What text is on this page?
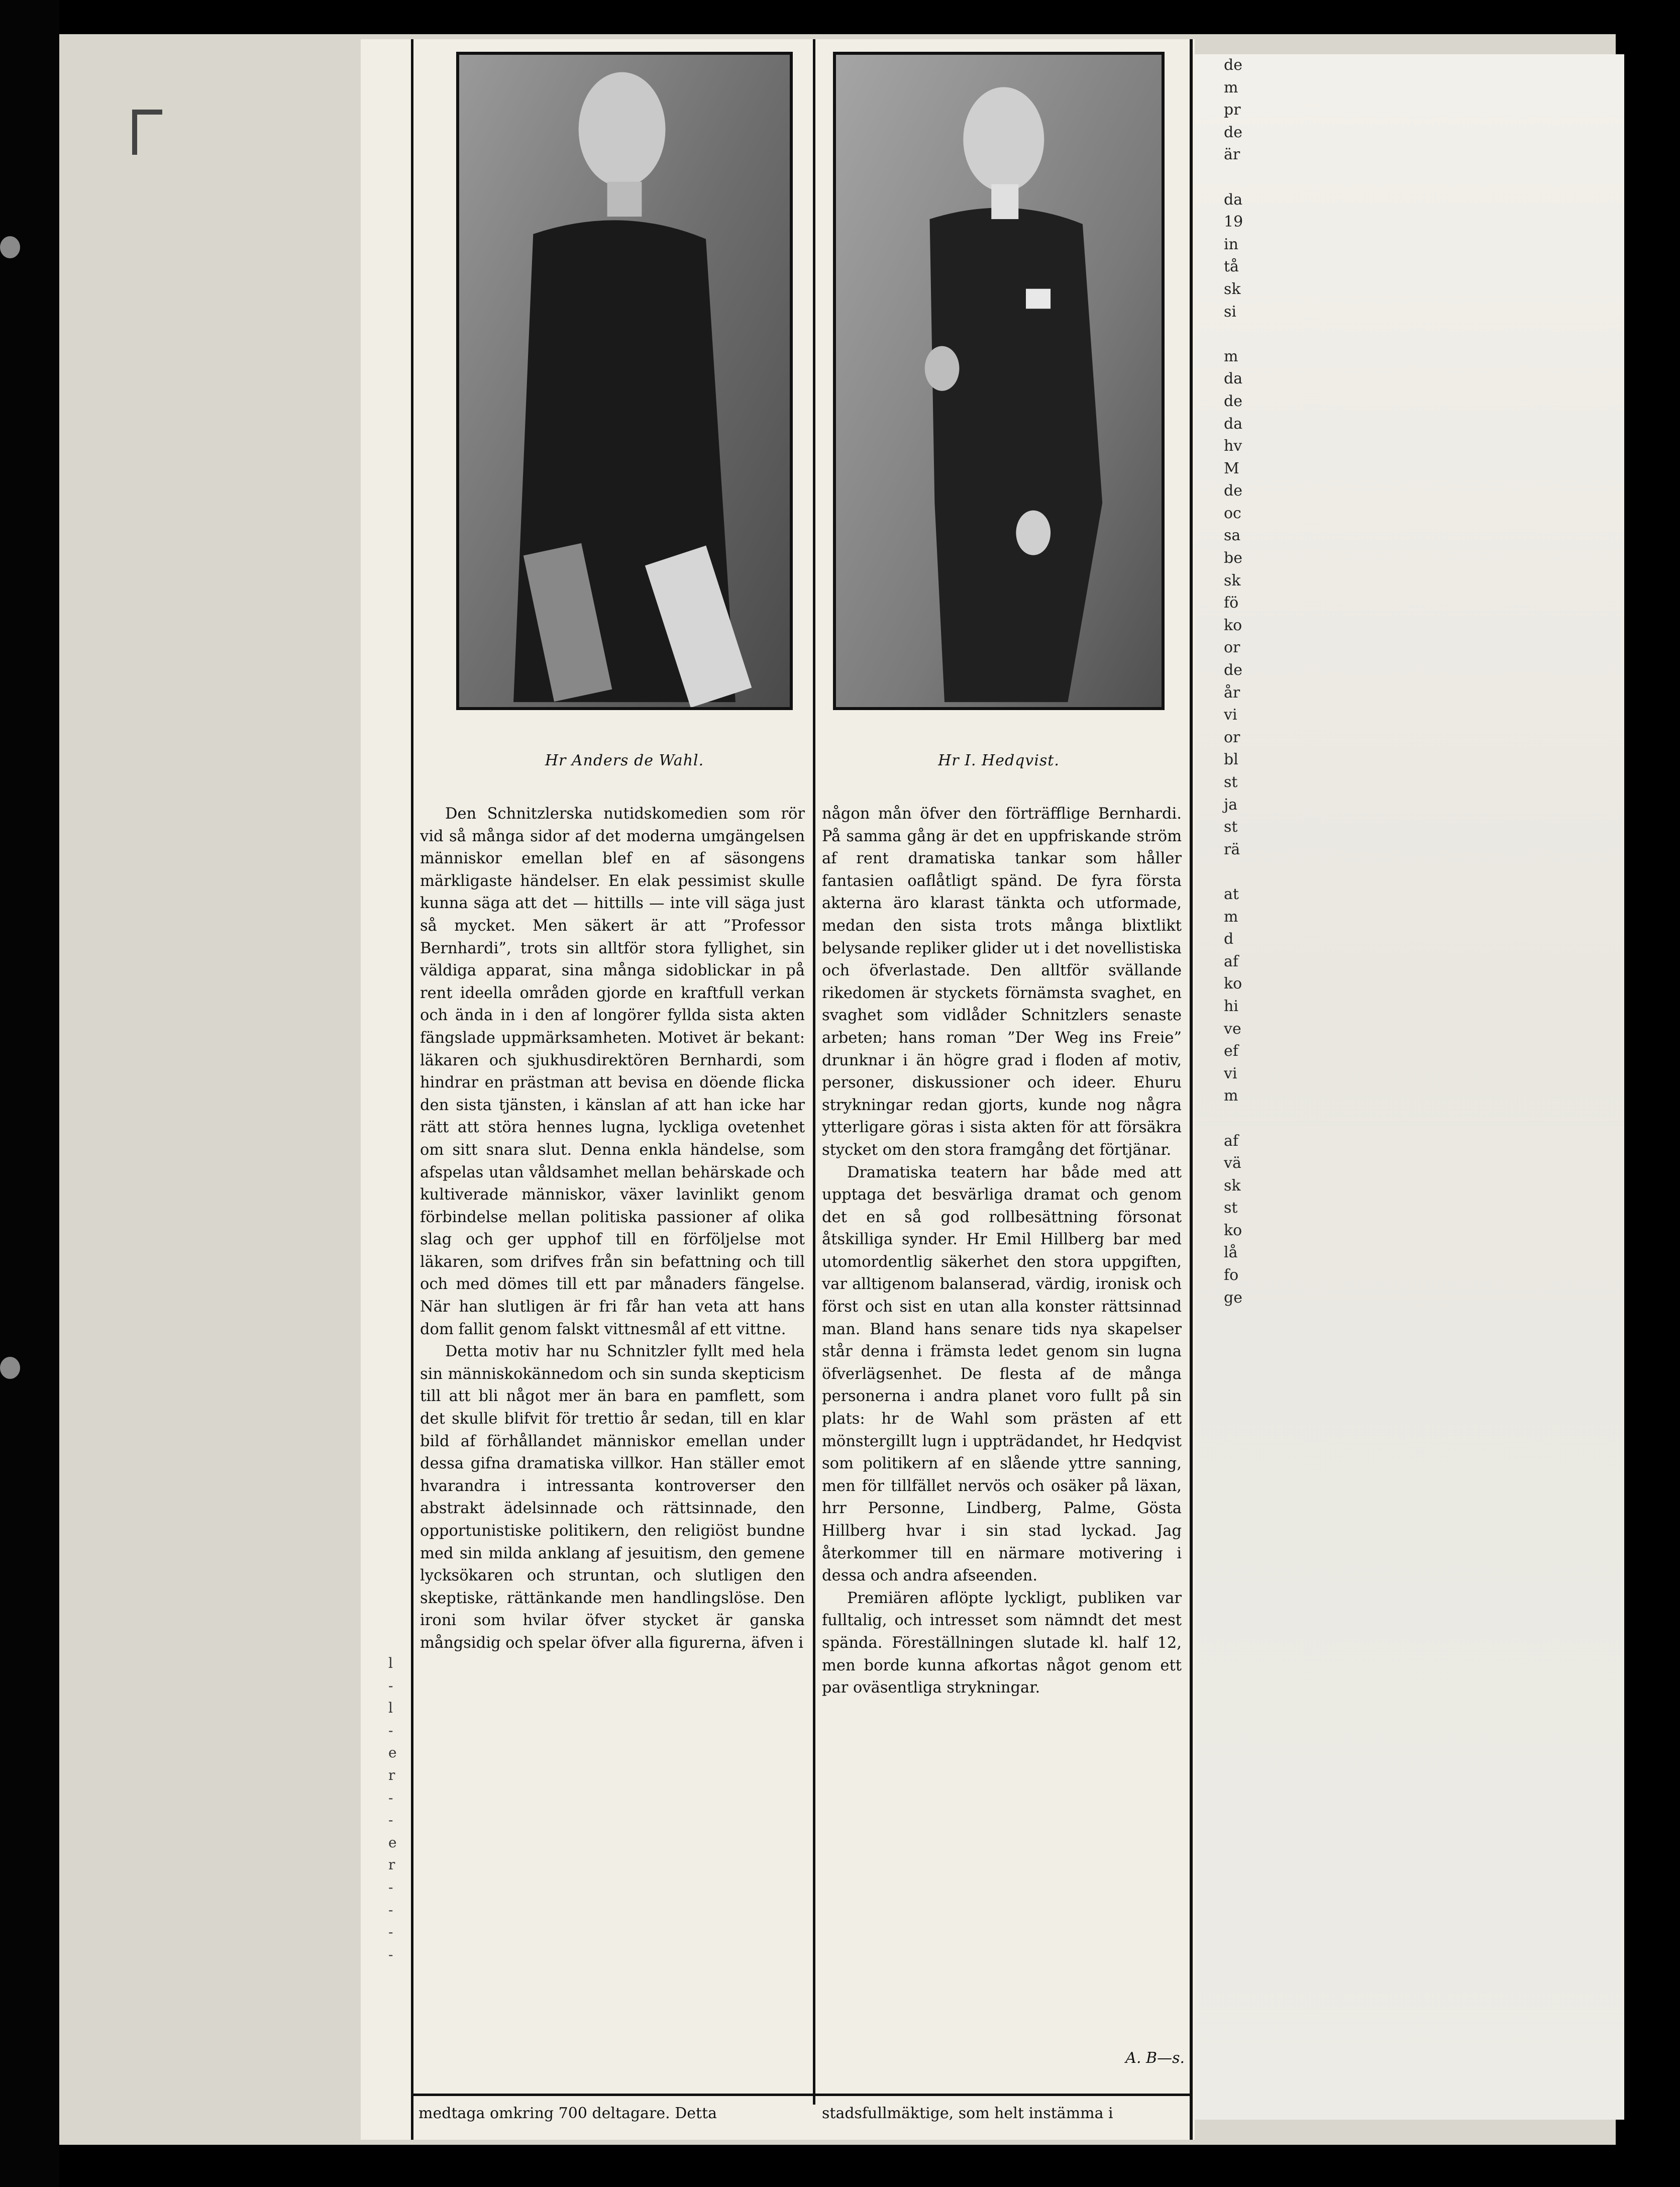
de
m
pr
de
är
da
19
in
tå
sk
si
m
da
de
da
hv
M
de
oc
sa
be
sk
fö
ko
or
de
år
vi
or
bl
st
ja
st
rä
at
m
d
af
ko
hi
ve
ef
vi
m
af
vä
sk
st
ko
lå
fo
ge
Hr Anders de Wahl.	Hr I. Hedqvist.

Den Schnitzlerska nutidskomedien som rör vid så många sidor af det moderna umgängelsen människor emellan blef en af säsongens märkligaste händelser. En elak pessimist skulle kunna säga att det — hittills — inte vill säga just så mycket. Men säkert är att ”Professor Bernhardi”, trots sin alltför stora fyllighet, sin väldiga apparat, sina många sidoblickar in på rent ideella områden gjorde en kraftfull verkan och ända in i den af longörer fyllda sista akten fängslade uppmärksamheten. Motivet är bekant: läkaren och sjukhusdirektören Bernhardi, som hindrar en prästman att bevisa en döende flicka den sista tjänsten, i känslan af att han icke har rätt att störa hennes lugna, lyckliga ovetenhet om sitt snara slut. Denna enkla händelse, som afspelas utan våldsamhet mellan behärskade och kultiverade människor, växer lavinlikt genom förbindelse mellan politiska passioner af olika slag och ger upphof till en förföljelse mot läkaren, som drifves från sin befattning och till och med dömes till ett par månaders fängelse. När han slutligen är fri får han veta att hans dom fallit genom falskt vittnesmål af ett vittne.

Detta motiv har nu Schnitzler fyllt med hela sin människokännedom och sin sunda skepticism till att bli något mer än bara en pamflett, som det skulle blifvit för trettio år sedan, till en klar bild af förhållandet människor emellan under dessa gifna dramatiska villkor. Han ställer emot hvarandra i intressanta kontroverser den abstrakt ädelsinnade och rättsinnade, den opportunistiske politikern, den religiöst bundne med sin milda anklang af jesuitism, den gemene lycksökaren och struntan, och slutligen den skeptiske, rättänkande men handlingslöse. Den ironi som hvilar öfver stycket är ganska mångsidig och spelar öfver alla figurerna, äfven i

någon mån öfver den förträfflige Bernhardi. På samma gång är det en uppfriskande ström af rent dramatiska tankar som håller fantasien oaflåtligt spänd. De fyra första akterna äro klarast tänkta och utformade, medan den sista trots många blixtlikt belysande repliker glider ut i det novellistiska och öfverlastade. Den alltför svällande rikedomen är styckets förnämsta svaghet, en svaghet som vidlåder Schnitzlers senaste arbeten; hans roman ”Der Weg ins Freie” drunknar i än högre grad i floden af motiv, personer, diskussioner och ideer. Ehuru strykningar redan gjorts, kunde nog några ytterligare göras i sista akten för att försäkra stycket om den stora framgång det förtjänar.

Dramatiska teatern har både med att upptaga det besvärliga dramat och genom det en så god rollbesättning försonat åtskilliga synder. Hr Emil Hillberg bar med utomordentlig säkerhet den stora uppgiften, var alltigenom balanserad, värdig, ironisk och först och sist en utan alla konster rättsinnad man. Bland hans senare tids nya skapelser står denna i främsta ledet genom sin lugna öfverlägsenhet. De flesta af de många personerna i andra planet voro fullt på sin plats: hr de Wahl som prästen af ett mönstergillt lugn i uppträdandet, hr Hedqvist som politikern af en slående yttre sanning, men för tillfället nervös och osäker på läxan, hrr Personne, Lindberg, Palme, Gösta Hillberg hvar i sin stad lyckad. Jag återkommer till en närmare motivering i dessa och andra afseenden.

Premiären aflöpte lyckligt, publiken var fulltalig, och intresset som nämndt det mest spända. Föreställningen slutade kl. half 12, men borde kunna afkortas något genom ett par oväsentliga strykningar.

A. B—s.
medtaga omkring 700 deltagare. Detta	stadsfullmäktige, som helt instämma i
l
-
l
-
e
r
-
-
e
r
-
-
-
-
